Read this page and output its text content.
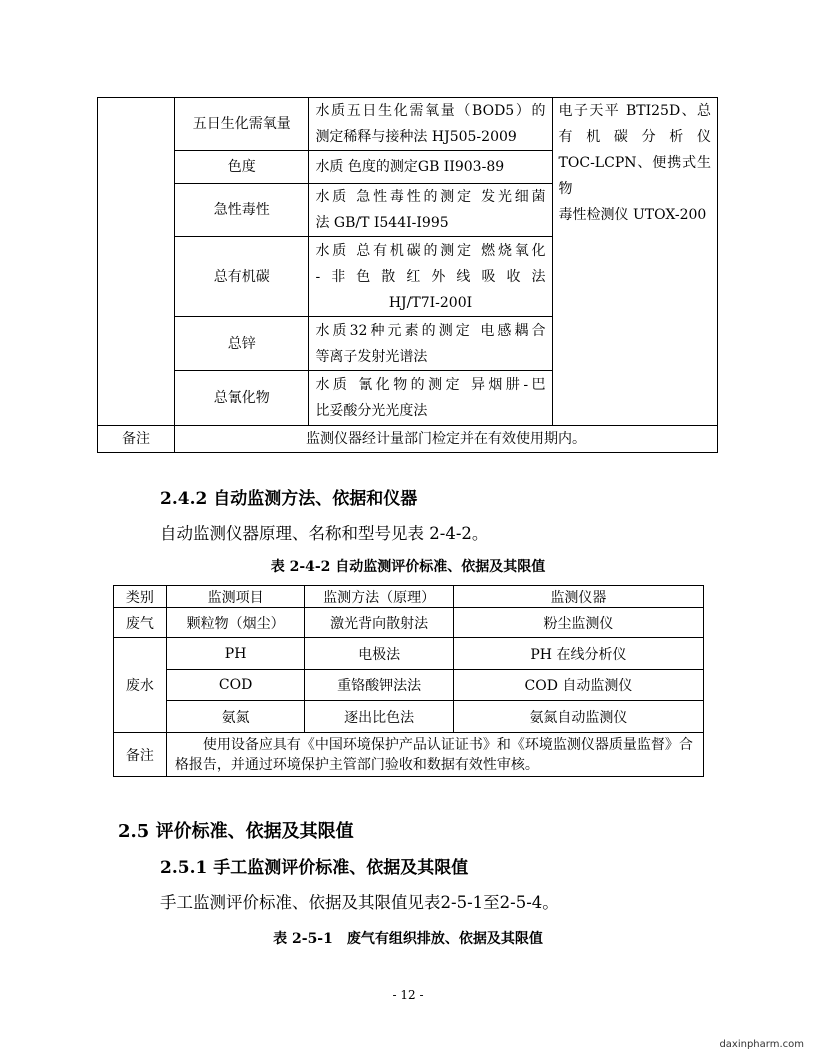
	五日生化需氧量	水质五日生化需氧量（BOD5）的
测定稀释与接种法 HJ505-2009	电子天平 BTI25D、总
有 机 碳 分 析 仪
TOC-LCPN、便携式生物
毒性检测仪 UTOX-200

	色度	水质 色度的测定GB II903-89	

	急性毒性	水质 急性毒性的测定 发光细菌
法 GB/T I544I-I995	

	总有机碳	水质 总有机碳的测定 燃烧氧化
-非色散红外线吸收法
HJ/T7I-200I	

	总锌	水质32种元素的测定 电感耦合
等离子发射光谱法	

	总氰化物	水质 氰化物的测定 异烟肼-巴
比妥酸分光光度法	

备注	监测仪器经计量部门检定并在有效使用期内。		
2.4.2 自动监测方法、依据和仪器

自动监测仪器原理、名称和型号见表 2-4-2。

表 2-4-2 自动监测评价标准、依据及其限值

类别	监测项目	监测方法（原理）	监测仪器
废气	颗粒物（烟尘）	激光背向散射法	粉尘监测仪
废水	PH	电极法	PH 在线分析仪
	COD	重铬酸钾法法	COD 自动监测仪
	氨氮	逐出比色法	氨氮自动监测仪
备注	使用设备应具有《中国环境保护产品认证证书》和《环境监测仪器质量监督》合格报告，并通过环境保护主管部门验收和数据有效性审核。		
2.5 评价标准、依据及其限值
2.5.1 手工监测评价标准、依据及其限值

手工监测评价标准、依据及其限值见表2-5-1至2-5-4。

表 2-5-1　废气有组织排放、依据及其限值

- 12 -

daxinpharm.com
